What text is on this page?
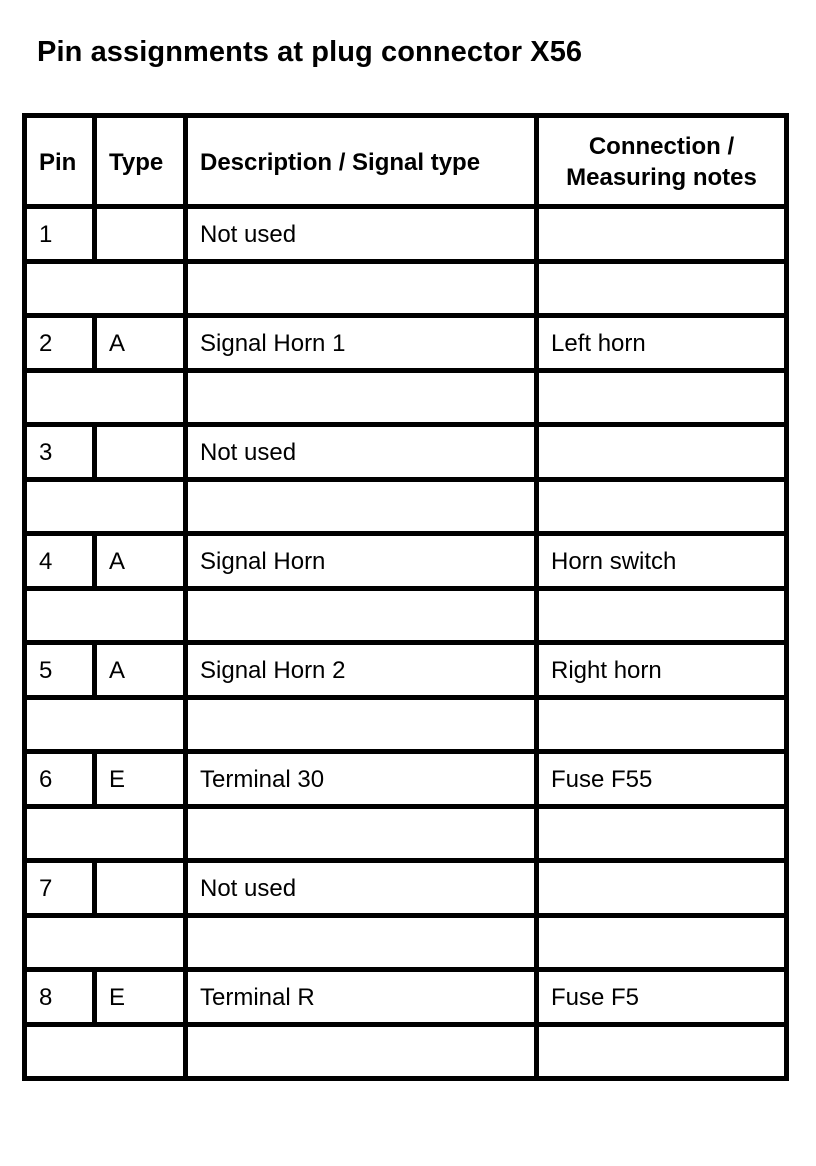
Pin assignments at plug connector X56
Pin	Type	Description / Signal type	Connection /
Measuring notes

1		Not used	

2	A	Signal Horn 1	Left horn

3		Not used	

4	A	Signal Horn	Horn switch

5	A	Signal Horn 2	Right horn

6	E	Terminal 30	Fuse F55

7		Not used	

8	E	Terminal R	Fuse F5
